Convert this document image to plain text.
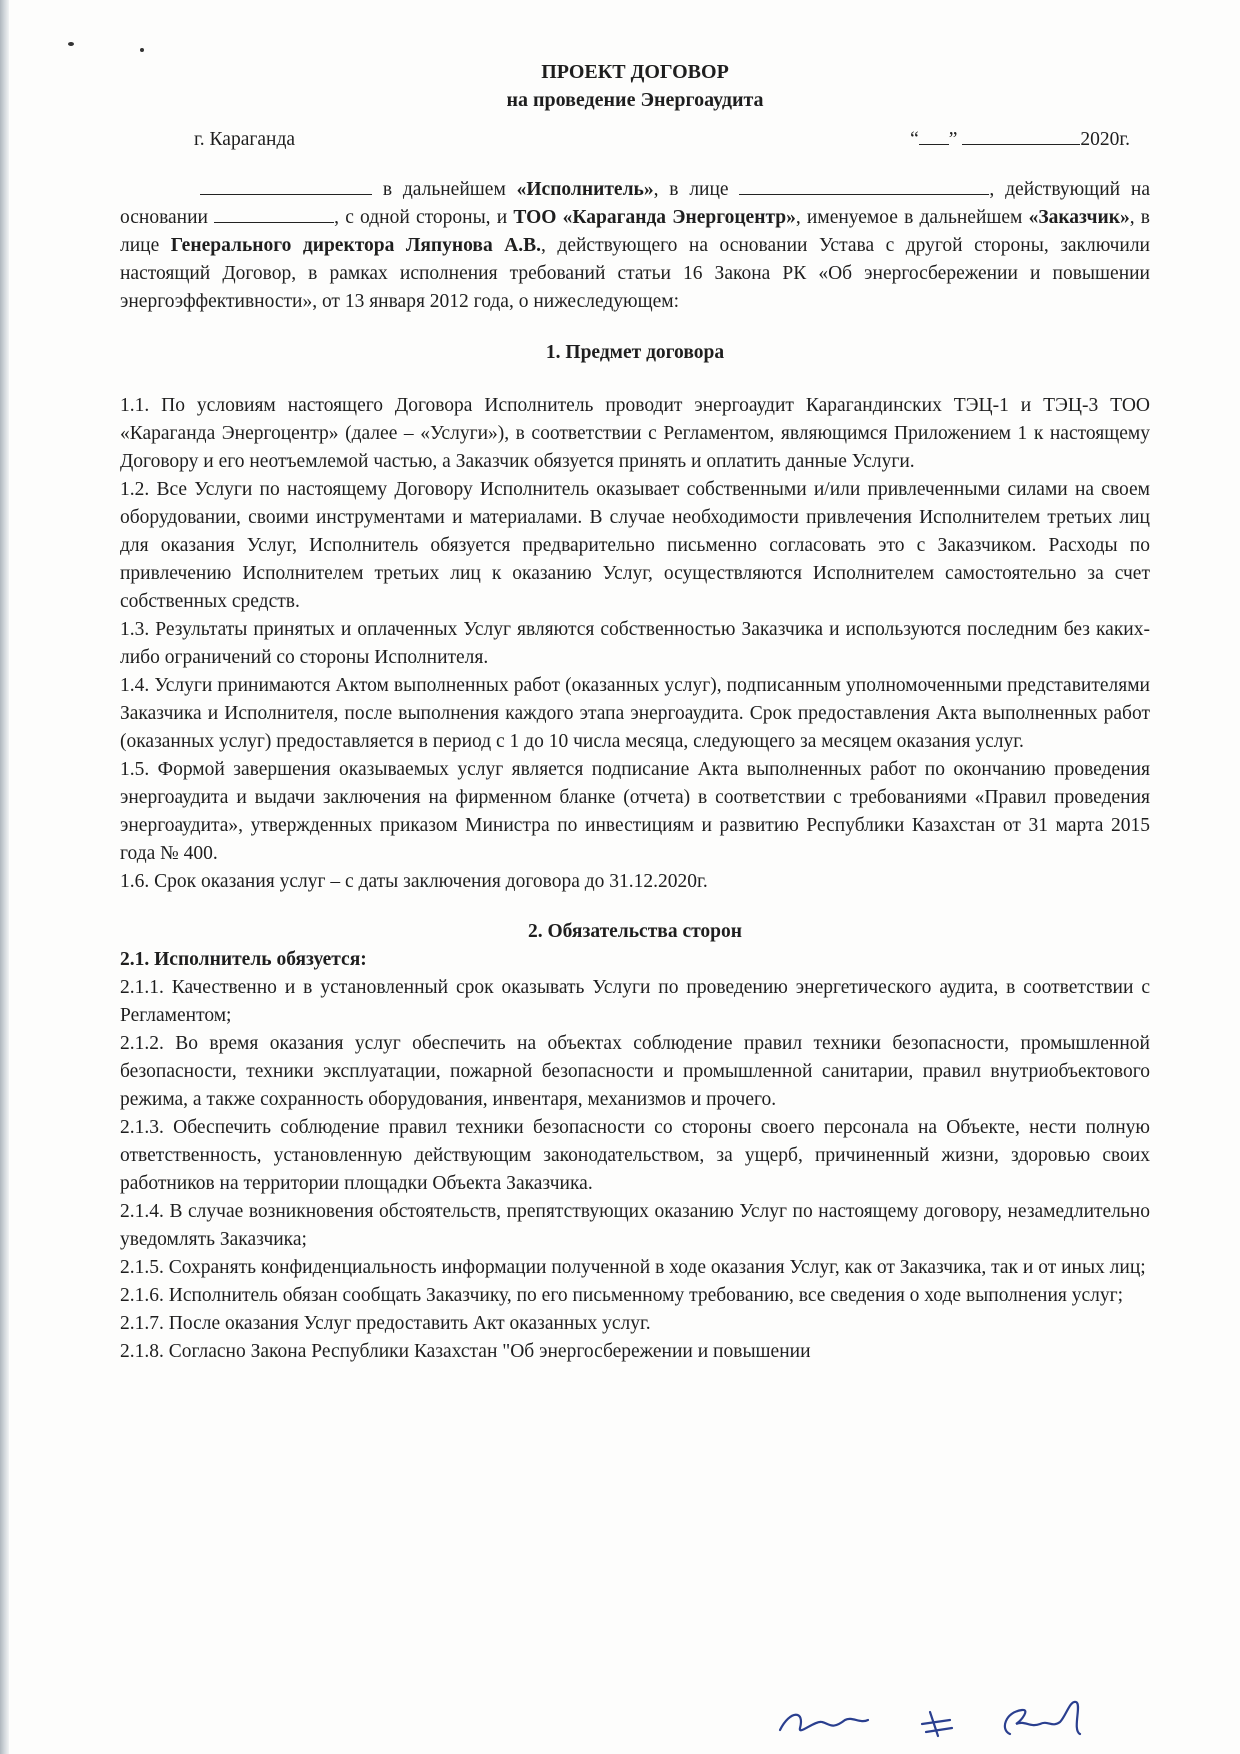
ПРОЕКТ ДОГОВОР
на проведение Энергоаудита
г. Караганда	“ ”	2020г.

в дальнейшем «Исполнитель», в лице	, действующий на основании	, с одной стороны, и ТОО «Караганда Энергоцентр», именуемое в дальнейшем «Заказчик», в лице Генерального директора Ляпунова А.В., действующего на основании Устава с другой стороны, заключили настоящий Договор, в рамках исполнения требований статьи 16 Закона РК «Об энергосбережении и повышении энергоэффективности», от 13 января 2012 года, о нижеследующем:

1. Предмет договора

1.1. По условиям настоящего Договора Исполнитель проводит энергоаудит Карагандинских ТЭЦ-1 и ТЭЦ-3 ТОО «Караганда Энергоцентр» (далее – «Услуги»), в соответствии с Регламентом, являющимся Приложением 1 к настоящему Договору и его неотъемлемой частью, а Заказчик обязуется принять и оплатить данные Услуги.

1.2. Все Услуги по настоящему Договору Исполнитель оказывает собственными и/или привлеченными силами на своем оборудовании, своими инструментами и материалами. В случае необходимости привлечения Исполнителем третьих лиц для оказания Услуг, Исполнитель обязуется предварительно письменно согласовать это с Заказчиком. Расходы по привлечению Исполнителем третьих лиц к оказанию Услуг, осуществляются Исполнителем самостоятельно за счет собственных средств.

1.3. Результаты принятых и оплаченных Услуг являются собственностью Заказчика и используются последним без каких-либо ограничений со стороны Исполнителя.

1.4. Услуги принимаются Актом выполненных работ (оказанных услуг), подписанным уполномоченными представителями Заказчика и Исполнителя, после выполнения каждого этапа энергоаудита. Срок предоставления Акта выполненных работ (оказанных услуг) предоставляется в период с 1 до 10 числа месяца, следующего за месяцем оказания услуг.

1.5. Формой завершения оказываемых услуг является подписание Акта выполненных работ по окончанию проведения энергоаудита и выдачи заключения на фирменном бланке (отчета) в соответствии с требованиями «Правил проведения энергоаудита», утвержденных приказом Министра по инвестициям и развитию Республики Казахстан от 31 марта 2015 года № 400.

1.6. Срок оказания услуг – с даты заключения договора до 31.12.2020г.

2. Обязательства сторон
2.1. Исполнитель обязуется:

2.1.1. Качественно и в установленный срок оказывать Услуги по проведению энергетического аудита, в соответствии с Регламентом;

2.1.2. Во время оказания услуг обеспечить на объектах соблюдение правил техники безопасности, промышленной безопасности, техники эксплуатации, пожарной безопасности и промышленной санитарии, правил внутриобъектового режима, а также сохранность оборудования, инвентаря, механизмов и прочего.

2.1.3. Обеспечить соблюдение правил техники безопасности со стороны своего персонала на Объекте, нести полную ответственность, установленную действующим законодательством, за ущерб, причиненный жизни, здоровью своих работников на территории площадки Объекта Заказчика.

2.1.4. В случае возникновения обстоятельств, препятствующих оказанию Услуг по настоящему договору, незамедлительно уведомлять Заказчика;

2.1.5. Сохранять конфиденциальность информации полученной в ходе оказания Услуг, как от Заказчика, так и от иных лиц;

2.1.6. Исполнитель обязан сообщать Заказчику, по его письменному требованию, все сведения о ходе выполнения услуг;

2.1.7. После оказания Услуг предоставить Акт оказанных услуг.

2.1.8. Согласно Закона Республики Казахстан "Об энергосбережении и повышении
